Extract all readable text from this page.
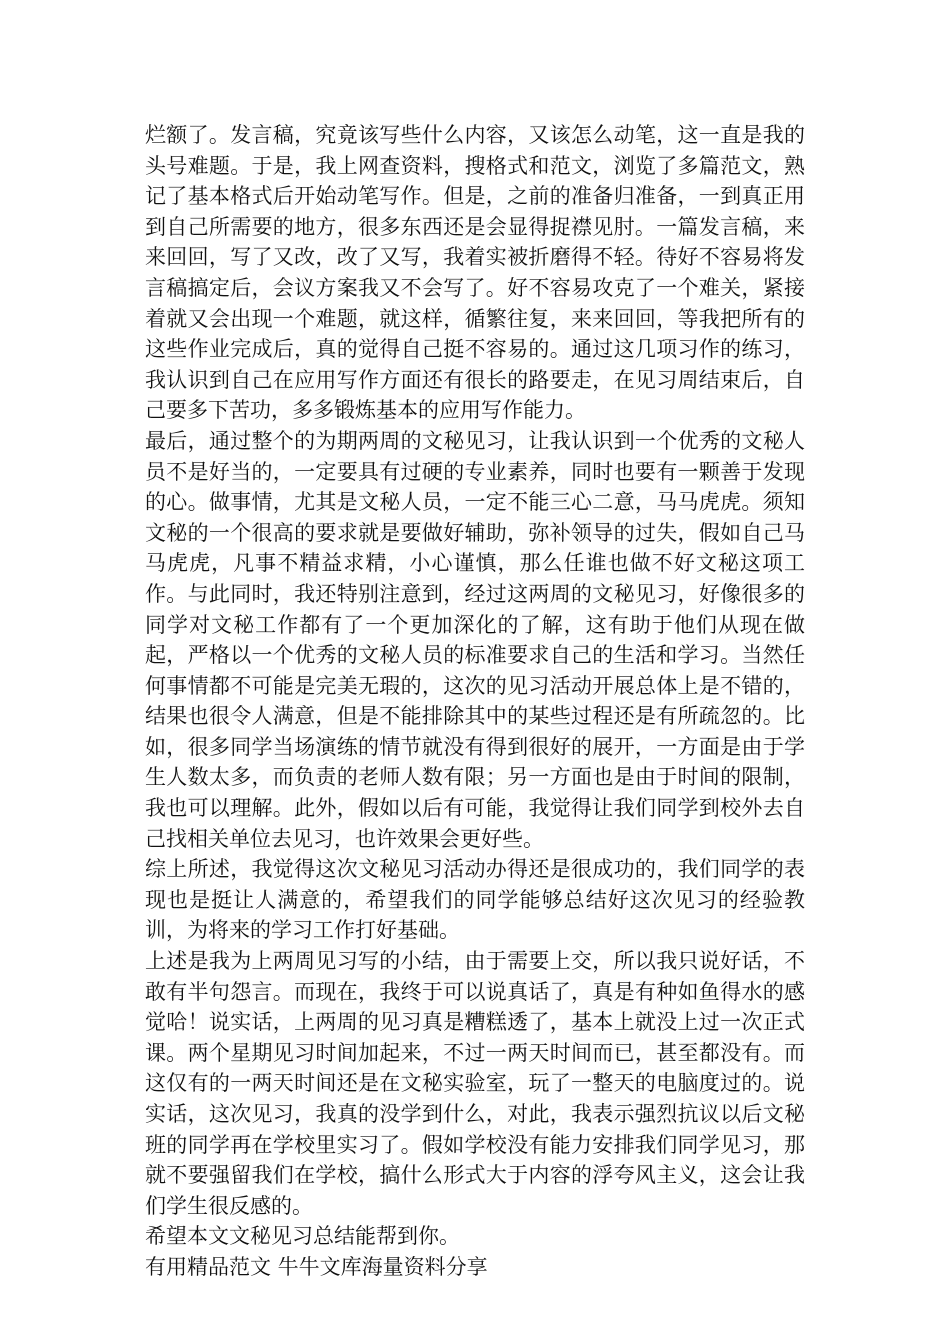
烂额了。发言稿，究竟该写些什么内容，又该怎么动笔，这一直是我的头号难题。于是，我上网查资料，搜格式和范文，浏览了多篇范文，熟记了基本格式后开始动笔写作。但是，之前的准备归准备，一到真正用到自己所需要的地方，很多东西还是会显得捉襟见肘。一篇发言稿，来来回回，写了又改，改了又写，我着实被折磨得不轻。待好不容易将发言稿搞定后，会议方案我又不会写了。好不容易攻克了一个难关，紧接着就又会出现一个难题，就这样，循繁往复，来来回回，等我把所有的这些作业完成后，真的觉得自己挺不容易的。通过这几项习作的练习，我认识到自己在应用写作方面还有很长的路要走，在见习周结束后，自己要多下苦功，多多锻炼基本的应用写作能力。

最后，通过整个的为期两周的文秘见习，让我认识到一个优秀的文秘人员不是好当的，一定要具有过硬的专业素养，同时也要有一颗善于发现的心。做事情，尤其是文秘人员，一定不能三心二意，马马虎虎。须知文秘的一个很高的要求就是要做好辅助，弥补领导的过失，假如自己马马虎虎，凡事不精益求精，小心谨慎，那么任谁也做不好文秘这项工作。与此同时，我还特别注意到，经过这两周的文秘见习，好像很多的同学对文秘工作都有了一个更加深化的了解，这有助于他们从现在做起，严格以一个优秀的文秘人员的标准要求自己的生活和学习。当然任何事情都不可能是完美无瑕的，这次的见习活动开展总体上是不错的，结果也很令人满意，但是不能排除其中的某些过程还是有所疏忽的。比如，很多同学当场演练的情节就没有得到很好的展开，一方面是由于学生人数太多，而负责的老师人数有限；另一方面也是由于时间的限制，我也可以理解。此外，假如以后有可能，我觉得让我们同学到校外去自己找相关单位去见习，也许效果会更好些。

综上所述，我觉得这次文秘见习活动办得还是很成功的，我们同学的表现也是挺让人满意的，希望我们的同学能够总结好这次见习的经验教训，为将来的学习工作打好基础。

上述是我为上两周见习写的小结，由于需要上交，所以我只说好话，不敢有半句怨言。而现在，我终于可以说真话了，真是有种如鱼得水的感觉哈！说实话，上两周的见习真是糟糕透了，基本上就没上过一次正式课。两个星期见习时间加起来，不过一两天时间而已，甚至都没有。而这仅有的一两天时间还是在文秘实验室，玩了一整天的电脑度过的。说实话，这次见习，我真的没学到什么，对此，我表示强烈抗议以后文秘班的同学再在学校里实习了。假如学校没有能力安排我们同学见习，那就不要强留我们在学校，搞什么形式大于内容的浮夸风主义，这会让我们学生很反感的。

希望本文文秘见习总结能帮到你。

有用精品范文 牛牛文库海量资料分享
